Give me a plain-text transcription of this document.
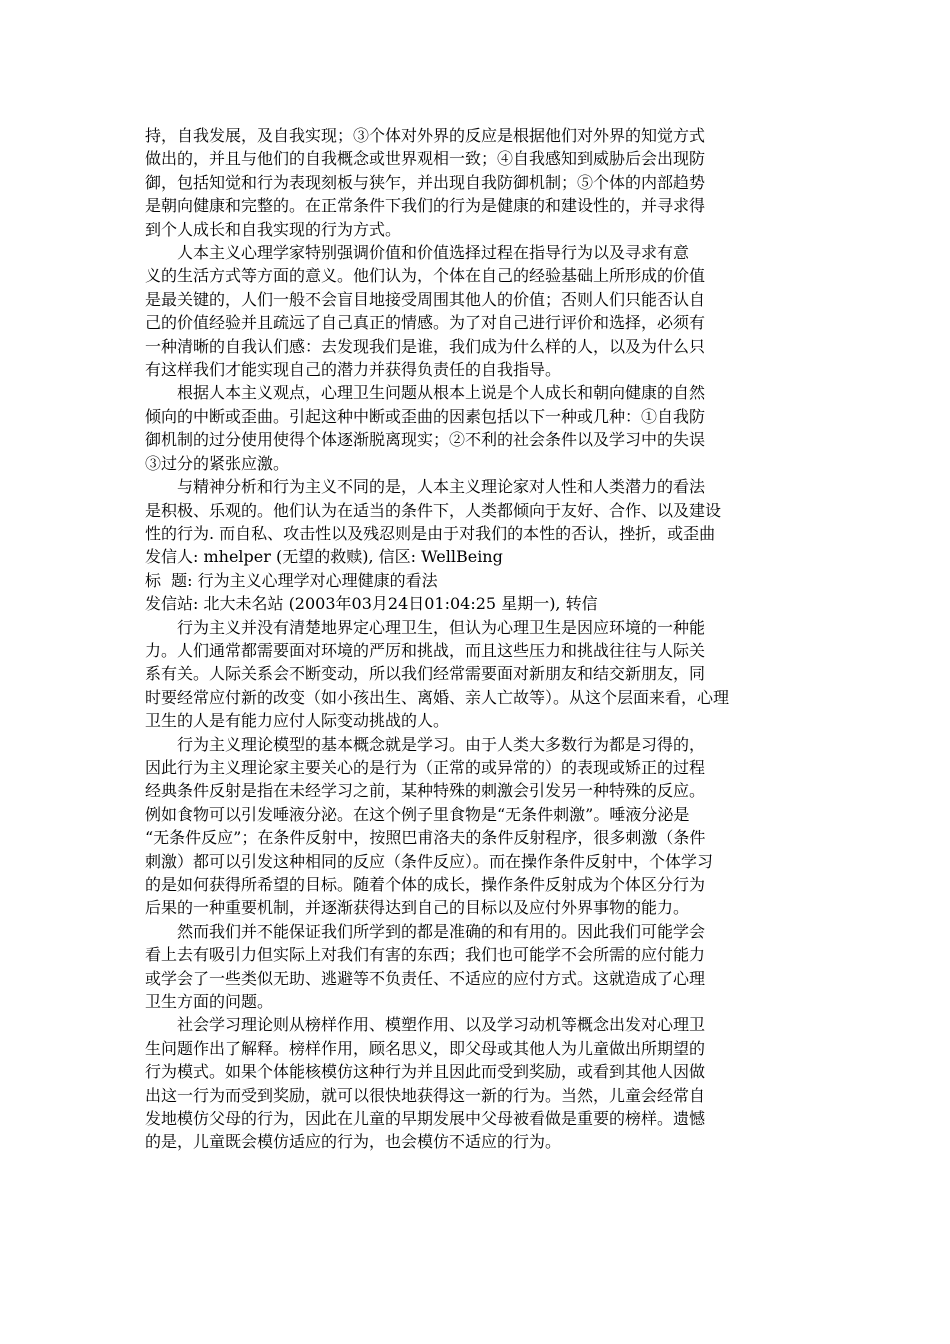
持，自我发展，及自我实现；③个体对外界的反应是根据他们对外界的知觉方式
做出的，并且与他们的自我概念或世界观相一致；④自我感知到威胁后会出现防
御，包括知觉和行为表现刻板与狭乍，并出现自我防御机制；⑤个体的内部趋势
是朝向健康和完整的。在正常条件下我们的行为是健康的和建设性的，并寻求得
到个人成长和自我实现的行为方式。
人本主义心理学家特别强调价值和价值选择过程在指导行为以及寻求有意
义的生活方式等方面的意义。他们认为，个体在自己的经验基础上所形成的价值
是最关键的，人们一般不会盲目地接受周围其他人的价值；否则人们只能否认自
己的价值经验并且疏远了自己真正的情感。为了对自己进行评价和选择，必须有
一种清晰的自我认们感：去发现我们是谁，我们成为什么样的人，以及为什么只
有这样我们才能实现自己的潜力并获得负责任的自我指导。
根据人本主义观点，心理卫生问题从根本上说是个人成长和朝向健康的自然
倾向的中断或歪曲。引起这种中断或歪曲的因素包括以下一种或几种：①自我防
御机制的过分使用使得个体逐渐脱离现实；②不利的社会条件以及学习中的失误
③过分的紧张应激。
与精神分析和行为主义不同的是，人本主义理论家对人性和人类潜力的看法
是积极、乐观的。他们认为在适当的条件下，人类都倾向于友好、合作、以及建设
性的行为. 而自私、攻击性以及残忍则是由于对我们的本性的否认，挫折，或歪曲
发信人: mhelper (无望的救赎), 信区: WellBeing
标  题: 行为主义心理学对心理健康的看法
发信站: 北大未名站 (2003年03月24日01:04:25 星期一), 转信
行为主义并没有清楚地界定心理卫生，但认为心理卫生是因应环境的一种能
力。人们通常都需要面对环境的严厉和挑战，而且这些压力和挑战往往与人际关
系有关。人际关系会不断变动，所以我们经常需要面对新朋友和结交新朋友，同
时要经常应付新的改变（如小孩出生、离婚、亲人亡故等）。从这个层面来看，心理
卫生的人是有能力应付人际变动挑战的人。
行为主义理论模型的基本概念就是学习。由于人类大多数行为都是习得的，
因此行为主义理论家主要关心的是行为（正常的或异常的）的表现或矫正的过程
经典条件反射是指在未经学习之前，某种特殊的刺激会引发另一种特殊的反应。
例如食物可以引发唾液分泌。在这个例子里食物是“无条件刺激”。唾液分泌是
“无条件反应”；在条件反射中，按照巴甫洛夫的条件反射程序，很多刺激（条件
刺激）都可以引发这种相同的反应（条件反应）。而在操作条件反射中，个体学习
的是如何获得所希望的目标。随着个体的成长，操作条件反射成为个体区分行为
后果的一种重要机制，并逐渐获得达到自己的目标以及应付外界事物的能力。
然而我们并不能保证我们所学到的都是准确的和有用的。因此我们可能学会
看上去有吸引力但实际上对我们有害的东西；我们也可能学不会所需的应付能力
或学会了一些类似无助、逃避等不负责任、不适应的应付方式。这就造成了心理
卫生方面的问题。
社会学习理论则从榜样作用、模塑作用、以及学习动机等概念出发对心理卫
生问题作出了解释。榜样作用，顾名思义，即父母或其他人为儿童做出所期望的
行为模式。如果个体能核模仿这种行为并且因此而受到奖励，或看到其他人因做
出这一行为而受到奖励，就可以很快地获得这一新的行为。当然，儿童会经常自
发地模仿父母的行为，因此在儿童的早期发展中父母被看做是重要的榜样。遗憾
的是，儿童既会模仿适应的行为，也会模仿不适应的行为。
